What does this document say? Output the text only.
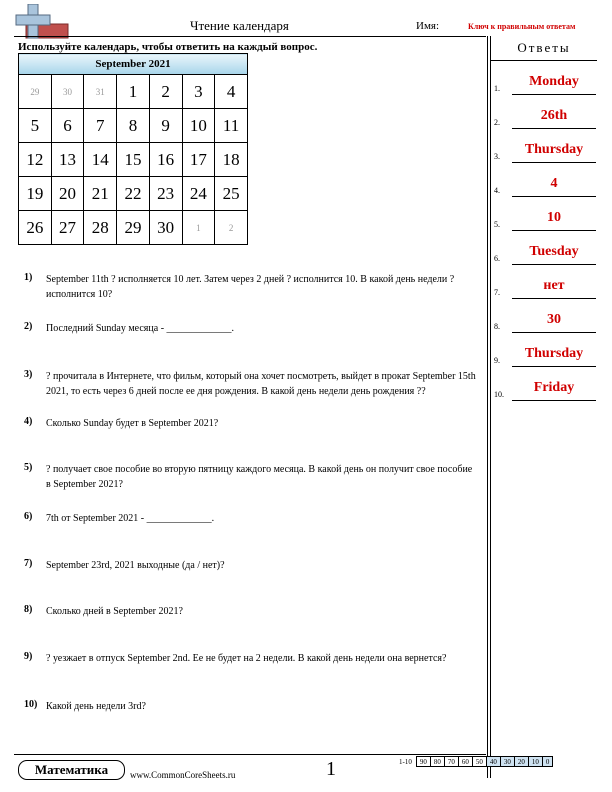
Чтение календаря	Имя:	Ключ к правильным ответам
Используйте календарь, чтобы ответить на каждый вопрос.
September 2021						
29	30	31	1	2	3	4
5	6	7	8	9	10	11
12	13	14	15	16	17	18
19	20	21	22	23	24	25
26	27	28	29	30	1	2
1) September 11th ? исполняется 10 лет. Затем через 2 дней ? исполнится 10. В какой день недели ? исполнится 10?
2) Последний Sunday месяца - _____________.
3) ? прочитала в Интернете, что фильм, который она хочет посмотреть, выйдет в прокат September 15th 2021, то есть через 6 дней после ее дня рождения. В какой день недели день рождения ??
4) Сколько Sunday будет в September 2021?
5) ? получает свое пособие во вторую пятницу каждого месяца. В какой день он получит свое пособие в September 2021?
6) 7th от September 2021 - _____________.
7) September 23rd, 2021 выходные (да / нет)?
8) Сколько дней в September 2021?
9) ? уезжает в отпуск September 2nd. Ее не будет на 2 недели. В какой день недели она вернется?
10) Какой день недели 3rd?
Ответы
1.	Monday
2.	26th
3.	Thursday
4.	4
5.	10
6.	Tuesday
7.	нет
8.	30
9.	Thursday
10.	Friday
Математика	www.CommonCoreSheets.ru	1	1-10	90	80	70	60	50	40	30	20	10	0
